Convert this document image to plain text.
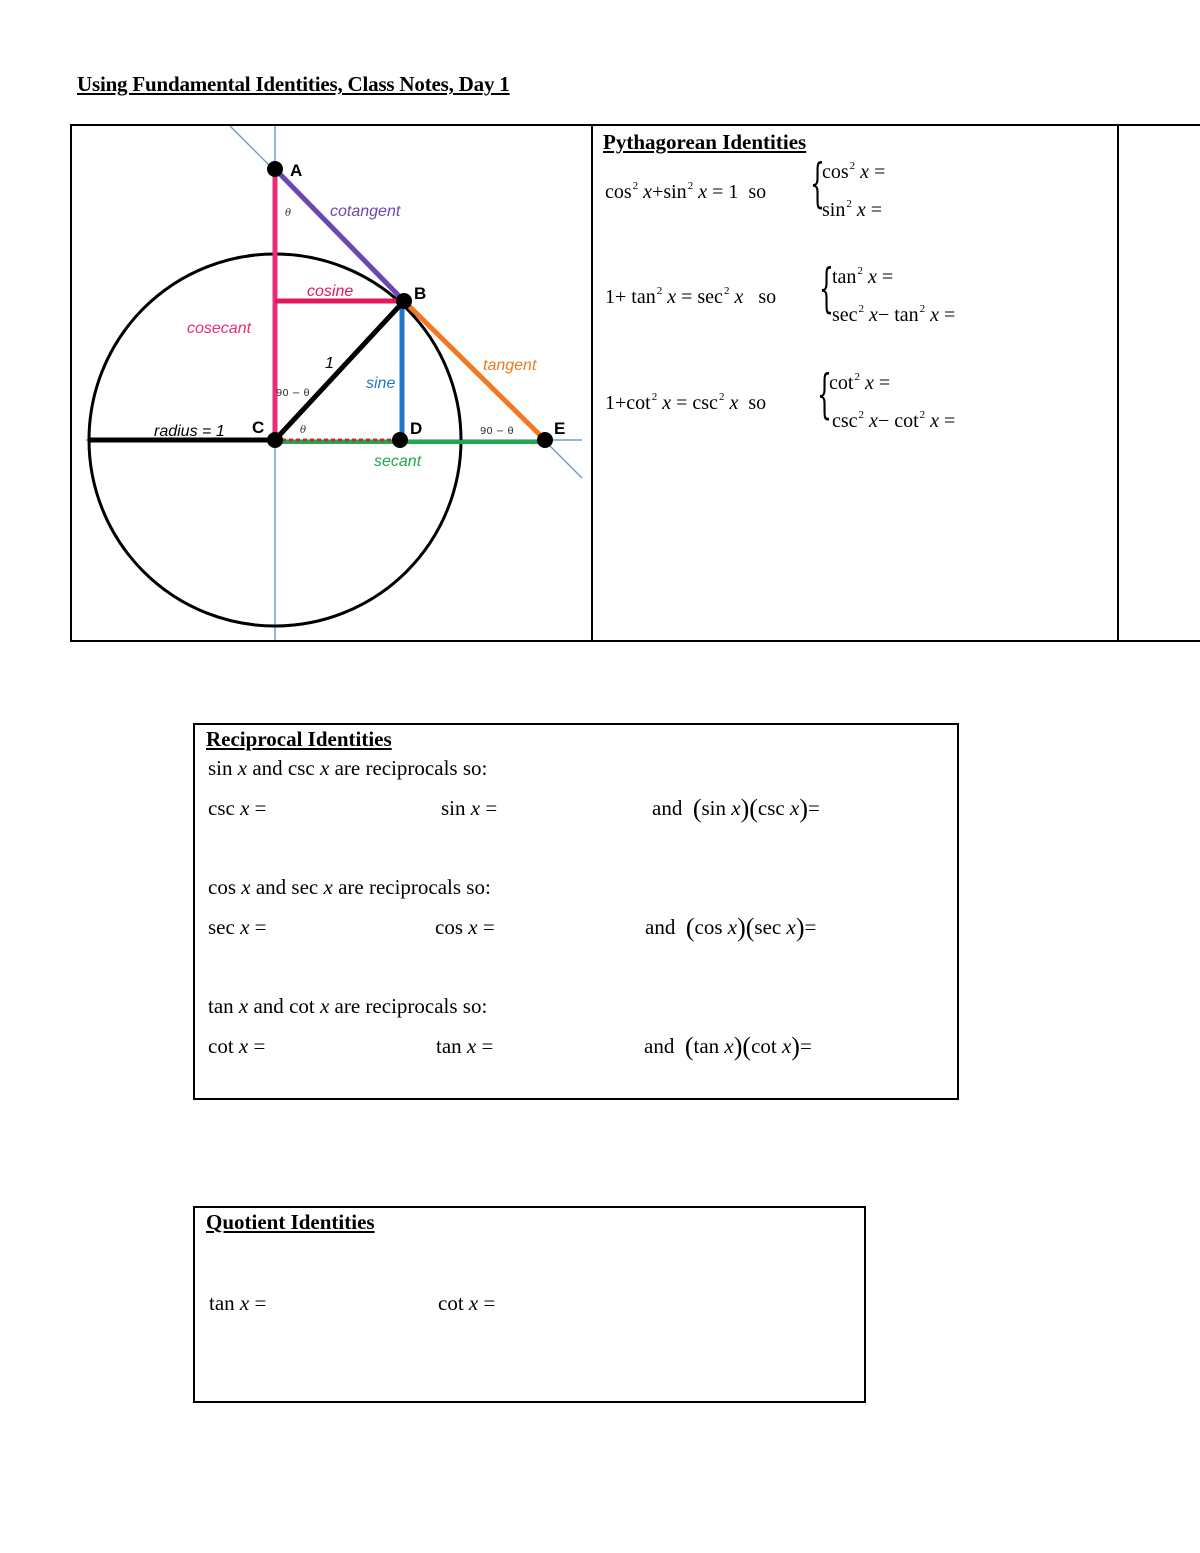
Using Fundamental Identities, Class Notes, Day 1
A
B
C	D	E
cotangent
cosine
cosecant
tangent
sine
secant
radius = 1
1
θ
θ
90 − θ
90 − θ
Pythagorean Identities
$\cos^2 x+\sin^2$ x = 1 so {
$\cos^2 x$ =
$\sin^2 x$ =
$1+ \tan^2 x = \sec^2 x$ so {
$\tan^2 x$ =
$\sec^2 x- \tan^2 x$ =
$1+\cot^2$ $x = \csc^2 x$ so {
$\cot^2 x$ =
$\csc^2 x- \cot^2 x$ =
Reciprocal Identities
sin x and csc x are reciprocals so:
csc x =	sin x =	and (sin x)(csc x)=
cos x and sec x are reciprocals so:
sec x =	cos x =	and (cos x)(sec x)=
tan x and cot x are reciprocals so:
cot x =	tan x =	and (tan x)(cot x)=
Quotient Identities
tan x =	cot x =
